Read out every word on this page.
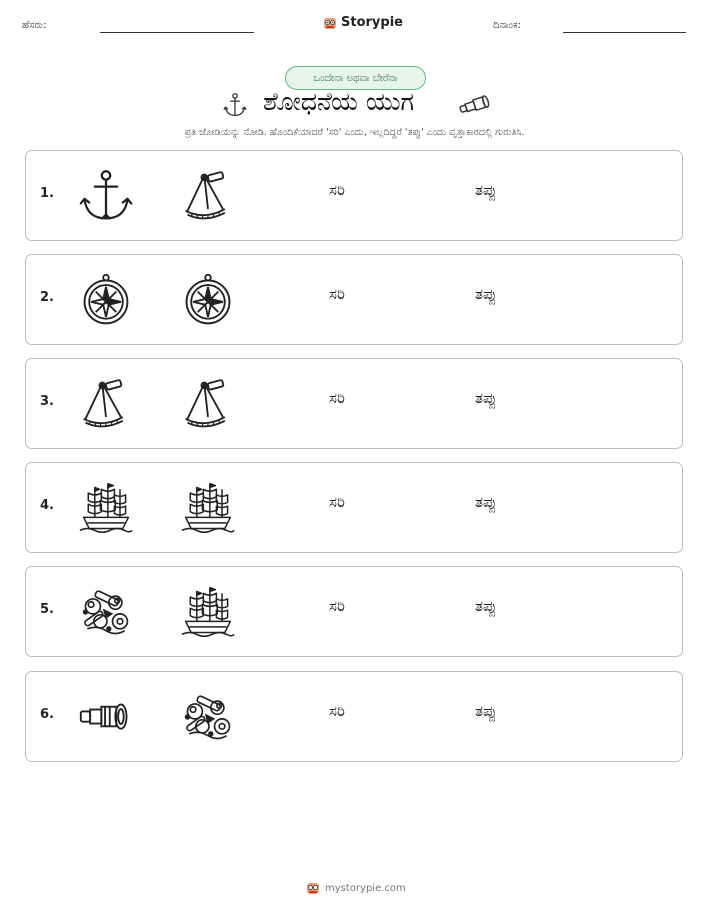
ಹೆಸರು:	Storypie	ದಿನಾಂಕ:
ಒಂದೇನಾ ಅಥವಾ ಬೇರೆನಾ
ಶೋಧನೆಯ ಯುಗ
ಪ್ರತಿ ಜೋಡಿಯನ್ನು ನೋಡಿ. ಹೊಂದಿಕೆಯಾದರೆ 'ಸರಿ' ಎಂದು, ಇಲ್ಲದಿದ್ದರೆ 'ತಪ್ಪು' ಎಂದು ವೃತ್ತಾಕಾರದಲ್ಲಿ ಗುರುತಿಸಿ.
1.	ಸರಿ	ತಪ್ಪು
2.	ಸರಿ	ತಪ್ಪು
3.	ಸರಿ	ತಪ್ಪು
4.	ಸರಿ	ತಪ್ಪು
5.	ಸರಿ	ತಪ್ಪು
6.	ಸರಿ	ತಪ್ಪು
mystorypie.com
